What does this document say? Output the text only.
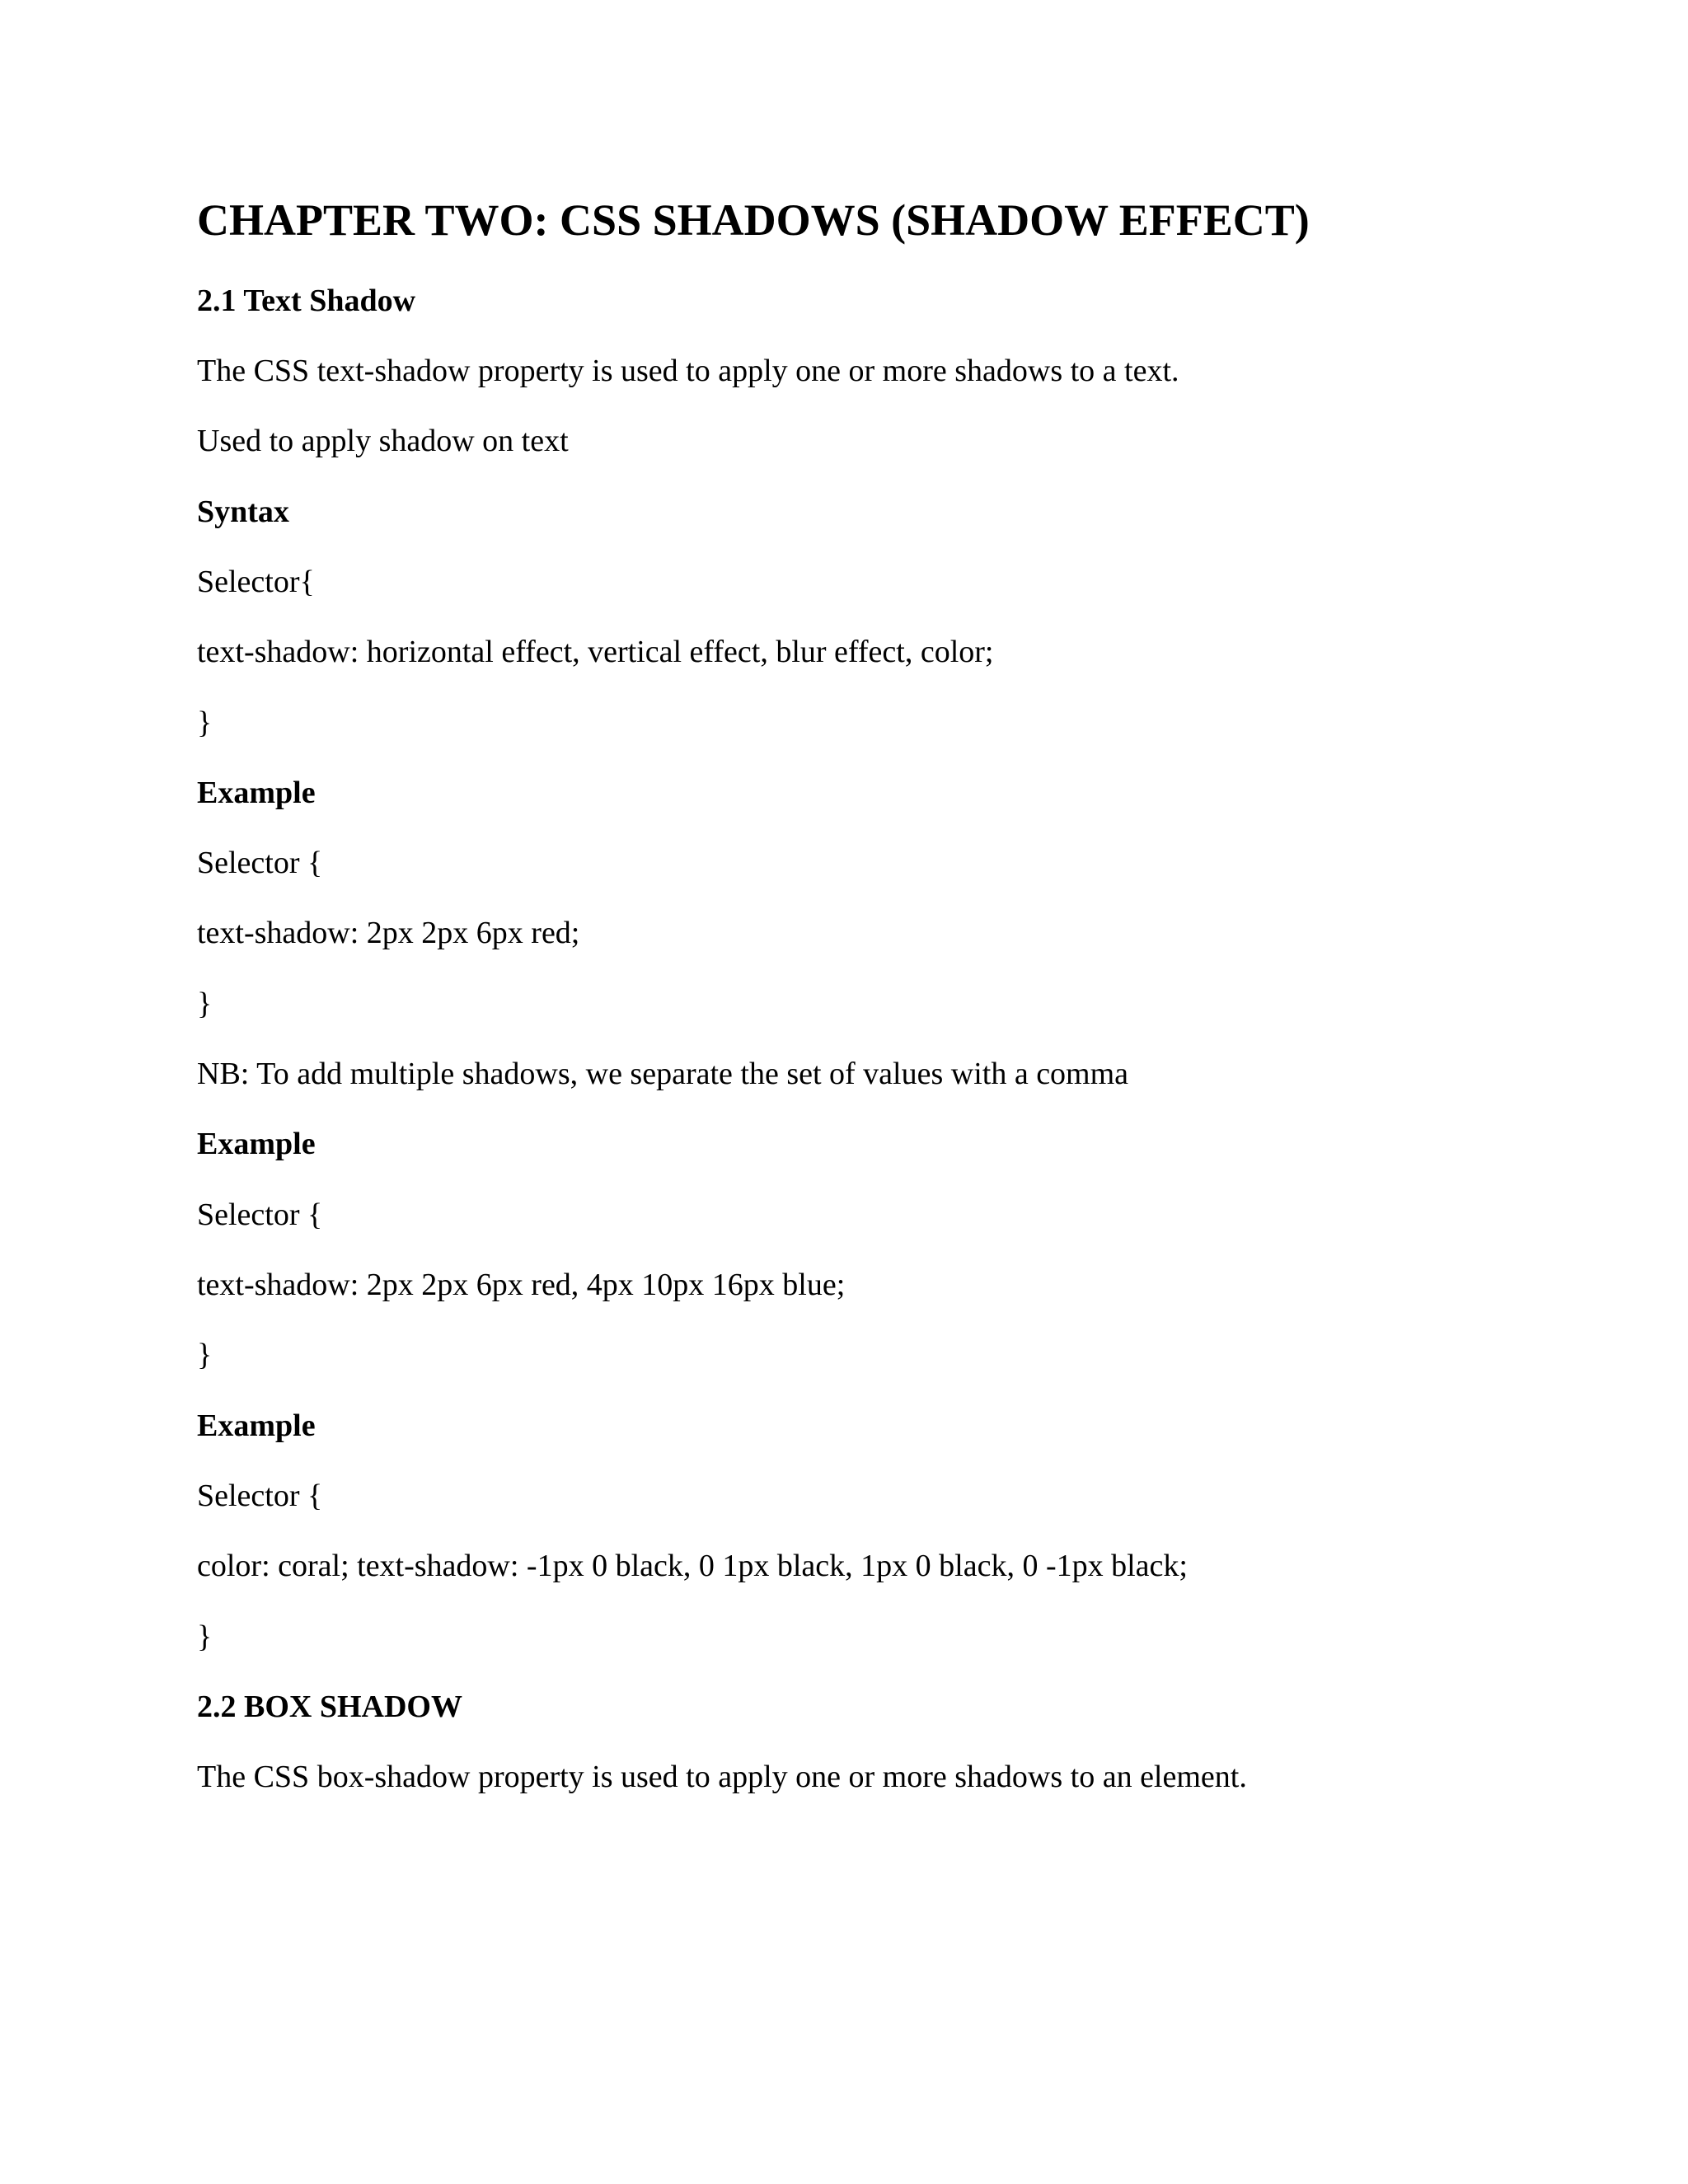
CHAPTER TWO: CSS SHADOWS (SHADOW EFFECT)
2.1 Text Shadow
The CSS text-shadow property is used to apply one or more shadows to a text.
Used to apply shadow on text
Syntax
Selector{
text-shadow: horizontal effect, vertical effect, blur effect, color;
}
Example
Selector {
text-shadow: 2px 2px 6px red;
}
NB: To add multiple shadows, we separate the set of values with a comma
Example
Selector {
text-shadow: 2px 2px 6px red, 4px 10px 16px blue;
}
Example
Selector {
color: coral; text-shadow: -1px 0 black, 0 1px black, 1px 0 black, 0 -1px black;
}
2.2 BOX SHADOW
The CSS box-shadow property is used to apply one or more shadows to an element.
